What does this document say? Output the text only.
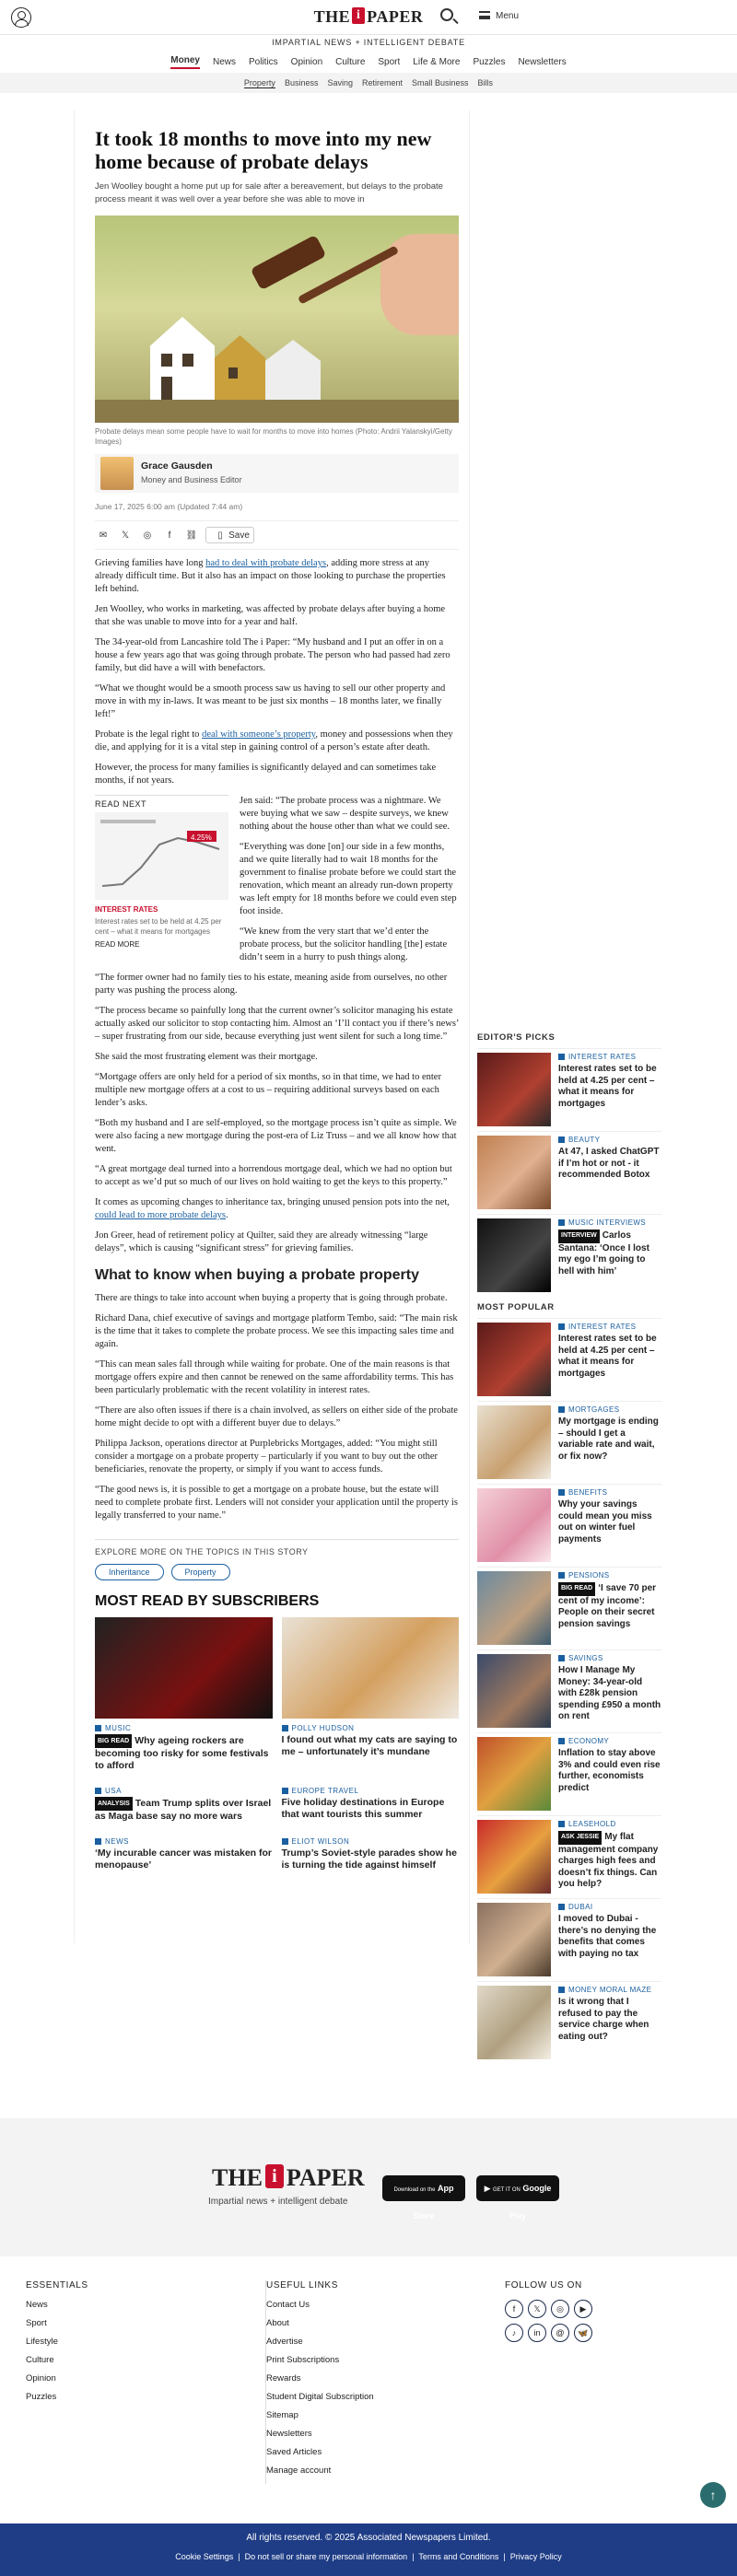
THE i PAPER	Menu
IMPARTIAL NEWS + INTELLIGENT DEBATE
Money News Politics Opinion Culture Sport Life & More Puzzles Newsletters
Property Business Saving Retirement Small Business Bills
It took 18 months to move into my new home because of probate delays
Jen Woolley bought a home put up for sale after a bereavement, but delays to the probate process meant it was well over a year before she was able to move in
Probate delays mean some people have to wait for months to move into homes (Photo: Andrii Yalanskyi/Getty Images)
Grace Gausden
Money and Business Editor
June 17, 2025 6:00 am (Updated 7:44 am)
✉	𝕏	◎	f	⛓	▯
Save

Grieving families have long had to deal with probate delays, adding more stress at any already difficult time. But it also has an impact on those looking to purchase the properties left behind.

Jen Woolley, who works in marketing, was affected by probate delays after buying a home that she was unable to move into for a year and half.

The 34-year-old from Lancashire told The i Paper: “My husband and I put an offer in on a house a few years ago that was going through probate. The person who had passed had zero family, but did have a will with benefactors.

“What we thought would be a smooth process saw us having to sell our other property and move in with my in-laws. It was meant to be just six months – 18 months later, we finally left!”

Probate is the legal right to deal with someone’s property, money and possessions when they die, and applying for it is a vital step in gaining control of a person’s estate after death.

However, the process for many families is significantly delayed and can sometimes take months, if not years.

READ NEXT
4.25%
INTEREST RATES
Interest rates set to be held at 4.25 per cent – what it means for mortgages
READ MORE

Jen said: “The probate process was a nightmare. We were buying what we saw – despite surveys, we knew nothing about the house other than what we could see.

“Everything was done [on] our side in a few months, and we quite literally had to wait 18 months for the government to finalise probate before we could start the renovation, which meant an already run-down property was left empty for 18 months before we could even step foot inside.

“We knew from the very start that we’d enter the probate process, but the solicitor handling [the] estate didn’t seem in a hurry to push things along.

“The former owner had no family ties to his estate, meaning aside from ourselves, no other party was pushing the process along.

“The process became so painfully long that the current owner’s solicitor managing his estate actually asked our solicitor to stop contacting him. Almost an ‘I’ll contact you if there’s news’ – super frustrating from our side, because everything just went silent for such a long time.”

She said the most frustrating element was their mortgage.

“Mortgage offers are only held for a period of six months, so in that time, we had to enter multiple new mortgage offers at a cost to us – requiring additional surveys based on each lender’s asks.

“Both my husband and I are self-employed, so the mortgage process isn’t quite as simple. We were also facing a new mortgage during the post-era of Liz Truss – and we all know how that went.

“A great mortgage deal turned into a horrendous mortgage deal, which we had no option but to accept as we’d put so much of our lives on hold waiting to get the keys to this property.”

It comes as upcoming changes to inheritance tax, bringing unused pension pots into the net, could lead to more probate delays.

Jon Greer, head of retirement policy at Quilter, said they are already witnessing “large delays”, which is causing “significant stress” for grieving families.

What to know when buying a probate property

There are things to take into account when buying a property that is going through probate.

Richard Dana, chief executive of savings and mortgage platform Tembo, said: “The main risk is the time that it takes to complete the probate process. We see this impacting sales time and again.

“This can mean sales fall through while waiting for probate. One of the main reasons is that mortgage offers expire and then cannot be renewed on the same affordability terms. This has been particularly problematic with the recent volatility in interest rates.

“There are also often issues if there is a chain involved, as sellers on either side of the probate home might decide to opt with a different buyer due to delays.”

Philippa Jackson, operations director at Purplebricks Mortgages, added: “You might still consider a mortgage on a probate property – particularly if you want to buy out the other beneficiaries, renovate the property, or simply if you want to access funds.

“The good news is, it is possible to get a mortgage on a probate house, but the estate will need to complete probate first. Lenders will not consider your application until the property is legally transferred to your name.”

EXPLORE MORE ON THE TOPICS IN THIS STORY
Inheritance	Property
MOST READ BY SUBSCRIBERS
MUSIC
BIG READ Why ageing rockers are becoming too risky for some festivals to afford
POLLY HUDSON
I found out what my cats are saying to me – unfortunately it’s mundane
USA
ANALYSIS Team Trump splits over Israel as Maga base say no more wars
EUROPE TRAVEL
Five holiday destinations in Europe that want tourists this summer
NEWS
‘My incurable cancer was mistaken for menopause’
ELIOT WILSON
Trump’s Soviet-style parades show he is turning the tide against himself
EDITOR'S PICKS
INTEREST RATES
Interest rates set to be held at 4.25 per cent – what it means for mortgages
BEAUTY
At 47, I asked ChatGPT if I’m hot or not - it recommended Botox
MUSIC INTERVIEWS
INTERVIEW Carlos Santana: ‘Once I lost my ego I’m going to hell with him’
MOST POPULAR
INTEREST RATES
Interest rates set to be held at 4.25 per cent – what it means for mortgages
MORTGAGES
My mortgage is ending – should I get a variable rate and wait, or fix now?
BENEFITS
Why your savings could mean you miss out on winter fuel payments
PENSIONS
BIG READ ‘I save 70 per cent of my income’: People on their secret pension savings
SAVINGS
How I Manage My Money: 34-year-old with £28k pension spending £950 a month on rent
ECONOMY
Inflation to stay above 3% and could even rise further, economists predict
LEASEHOLD
ASK JESSIE My flat management company charges high fees and doesn’t fix things. Can you help?
DUBAI
I moved to Dubai - there’s no denying the benefits that comes with paying no tax
MONEY MORAL MAZE
Is it wrong that I refused to pay the service charge when eating out?
THE i PAPER
Impartial news + intelligent debate
Download on the App Store
▶ GET IT ON Google Play
ESSENTIALS
News
Sport
Lifestyle
Culture
Opinion
Puzzles
USEFUL LINKS
Contact Us
About
Advertise
Print Subscriptions
Rewards
Student Digital Subscription
Sitemap
Newsletters
Saved Articles
Manage account
FOLLOW US ON
f	𝕏	◎	▶
♪	in	@	🦋
↑
All rights reserved. © 2025 Associated Newspapers Limited.
Cookie Settings  |  Do not sell or share my personal information  |  Terms and Conditions  |  Privacy Policy
